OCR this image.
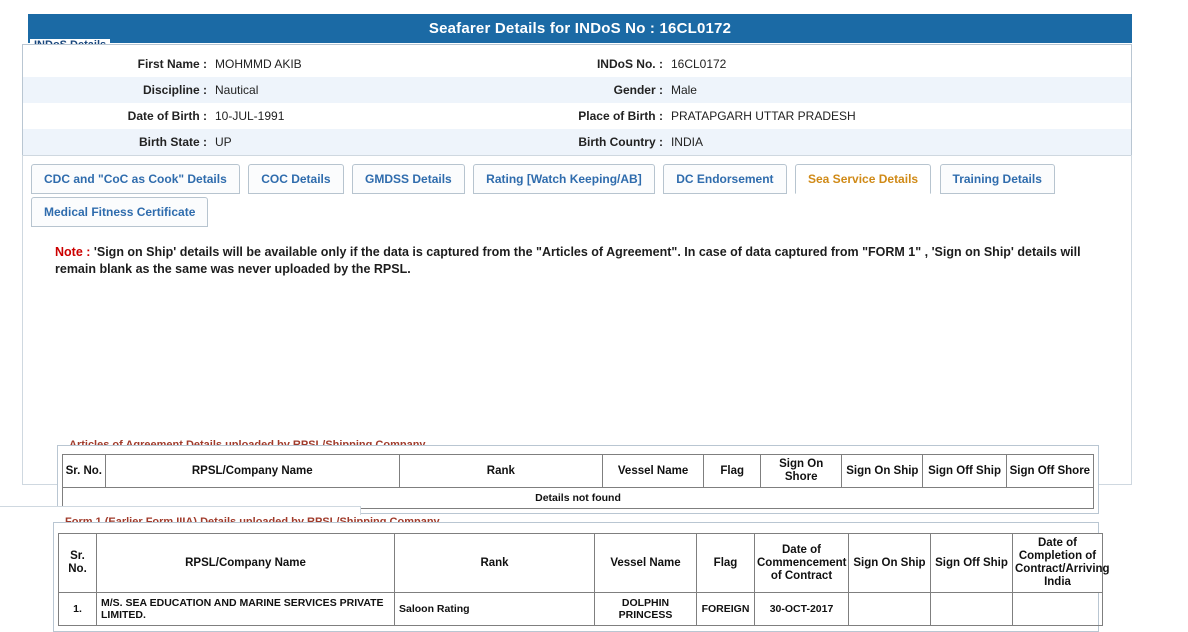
Seafarer Details for INDoS No : 16CL0172
First Name :	MOHMMD AKIB	INDoS No. :	16CL0172
Discipline :	Nautical	Gender :	Male
Date of Birth :	10-JUL-1991	Place of Birth :	PRATAPGARH UTTAR PRADESH
Birth State :	UP	Birth Country :	INDIA
CDC and "CoC as Cook" Details	COC Details	GMDSS Details	Rating [Watch Keeping/AB]	DC Endorsement	Sea Service Details	Training Details
Medical Fitness Certificate
Note : 'Sign on Ship' details will be available only if the data is captured from the "Articles of Agreement". In case of data captured from "FORM 1" , 'Sign on Ship' details will remain blank as the same was never uploaded by the RPSL.
Sr. No.	RPSL/Company Name	Rank	Vessel Name	Flag	Sign On Shore	Sign On Ship	Sign Off Ship	Sign Off Shore
Details not found
Sr. No.	RPSL/Company Name	Rank	Vessel Name	Flag	Date of Commencement of Contract	Sign On Ship	Sign Off Ship	Date of Completion of Contract/Arriving India
1.	M/S. SEA EDUCATION AND MARINE SERVICES PRIVATE LIMITED.	Saloon Rating	DOLPHIN PRINCESS	FOREIGN	30-OCT-2017			
